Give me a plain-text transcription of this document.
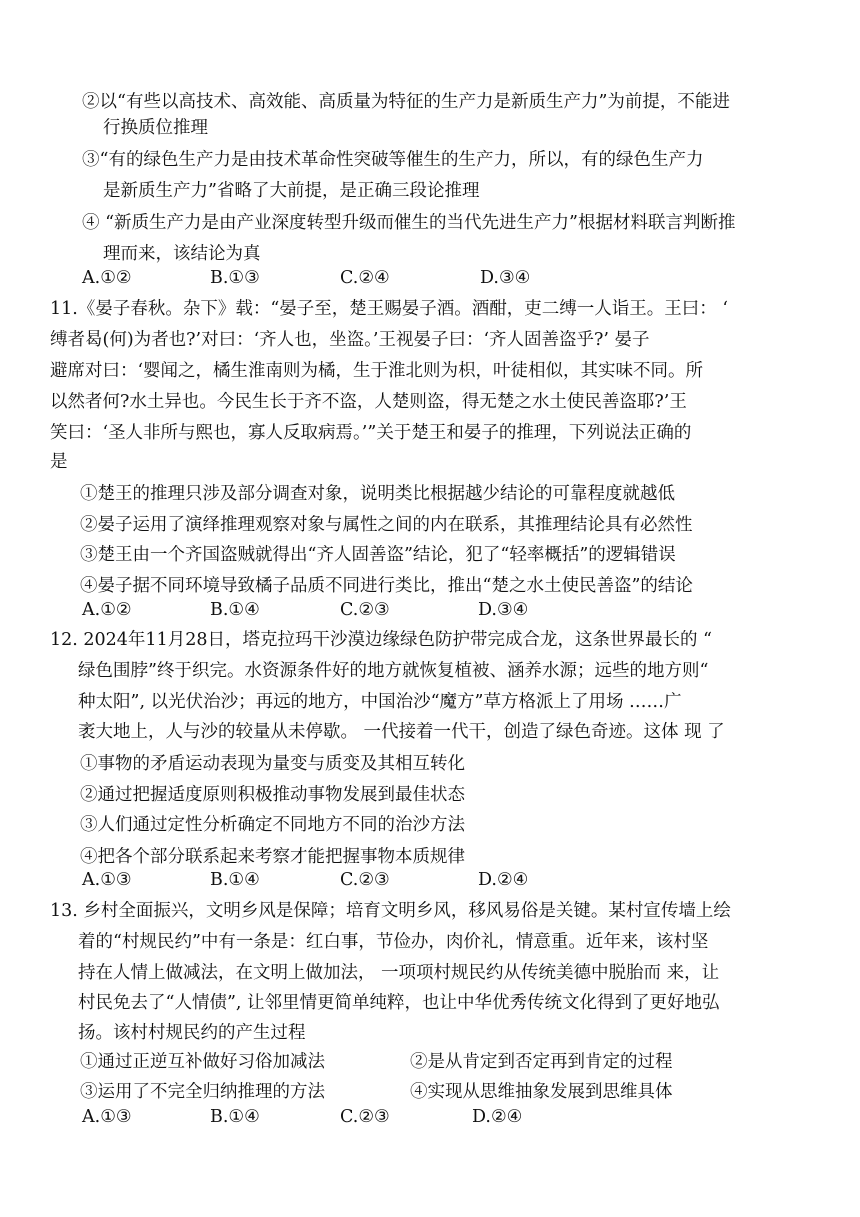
②以“有些以高技术、高效能、高质量为特征的生产力是新质生产力”为前提，不能进
行换质位推理
③“有的绿色生产力是由技术革命性突破等催生的生产力，所以，有的绿色生产力
是新质生产力”省略了大前提，是正确三段论推理
④ “新质生产力是由产业深度转型升级而催生的当代先进生产力”根据材料联言判断推
理而来，该结论为真
A.①②	B.①③	C.②④	D.③④
11.《晏子春秋。杂下》载：“晏子至，楚王赐晏子酒。酒酣，吏二缚一人诣王。王曰： ‘
缚者曷(何)为者也?’对曰：‘齐人也，坐盗。’王视晏子曰：‘齐人固善盗乎?’ 晏子
避席对曰：‘婴闻之，橘生淮南则为橘，生于淮北则为枳，叶徒相似，其实味不同。所
以然者何?水土异也。今民生长于齐不盗，人楚则盗，得无楚之水土使民善盗耶?’王
笑曰：‘圣人非所与熙也，寡人反取病焉。’”关于楚王和晏子的推理，下列说法正确的
是
①楚王的推理只涉及部分调查对象，说明类比根据越少结论的可靠程度就越低
②晏子运用了演绎推理观察对象与属性之间的内在联系，其推理结论具有必然性
③楚王由一个齐国盗贼就得出“齐人固善盗”结论，犯了“轻率概括”的逻辑错误
④晏子据不同环境导致橘子品质不同进行类比，推出“楚之水土使民善盗”的结论
A.①②	B.①④	C.②③	D.③④
12. 2024年11月28日，塔克拉玛干沙漠边缘绿色防护带完成合龙，这条世界最长的 “
绿色围脖”终于织完。水资源条件好的地方就恢复植被、涵养水源；远些的地方则“
种太阳”, 以光伏治沙；再远的地方，中国治沙“魔方”草方格派上了用场 ……广
袤大地上，人与沙的较量从未停歇。 一代接着一代干，创造了绿色奇迹。这体 现 了
①事物的矛盾运动表现为量变与质变及其相互转化
②通过把握适度原则积极推动事物发展到最佳状态
③人们通过定性分析确定不同地方不同的治沙方法
④把各个部分联系起来考察才能把握事物本质规律
A.①③	B.①④	C.②③	D.②④
13. 乡村全面振兴，文明乡风是保障；培育文明乡风，移风易俗是关键。某村宣传墙上绘
着的“村规民约”中有一条是：红白事，节俭办，肉价礼，情意重。近年来，该村坚
持在人情上做减法，在文明上做加法， 一项项村规民约从传统美德中脱胎而 来，让
村民免去了“人情债”, 让邻里情更简单纯粹，也让中华优秀传统文化得到了更好地弘
扬。该村村规民约的产生过程
①通过正逆互补做好习俗加减法	②是从肯定到否定再到肯定的过程
③运用了不完全归纳推理的方法	④实现从思维抽象发展到思维具体
A.①③	B.①④	C.②③	D.②④
